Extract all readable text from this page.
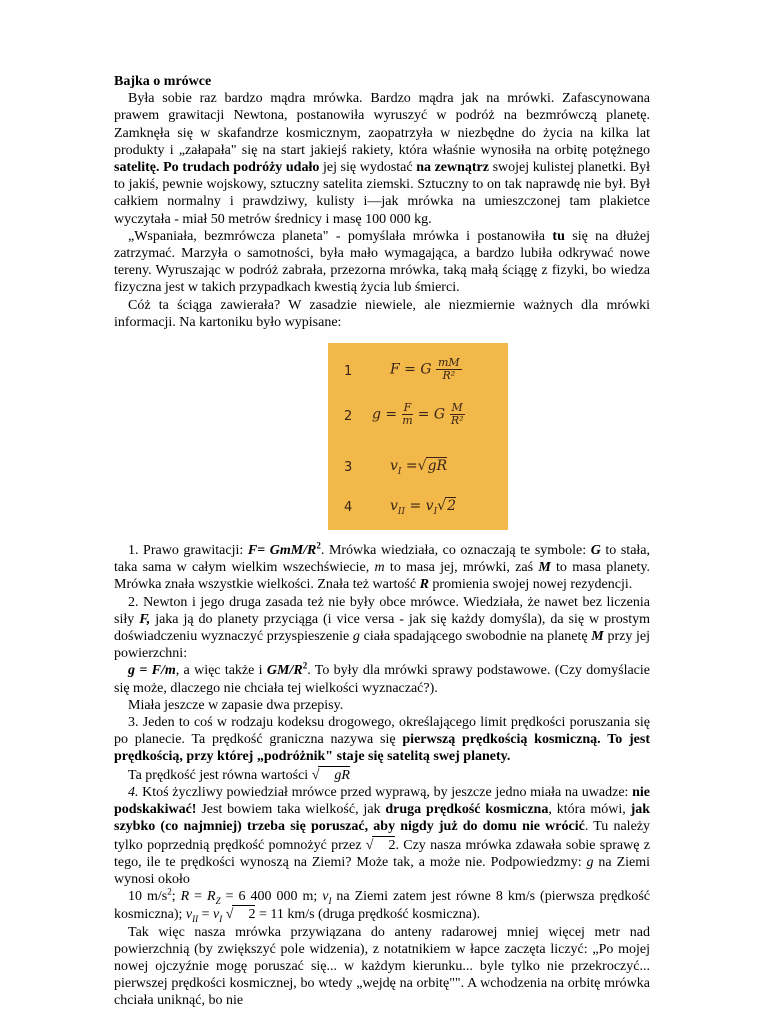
Bajka o mrówce

Była sobie raz bardzo mądra mrówka. Bardzo mądra jak na mrówki. Zafascynowana prawem grawitacji Newtona, postanowiła wyruszyć w podróż na bezmrówczą planetę. Zamknęła się w skafandrze kosmicznym, zaopatrzyła w niezbędne do życia na kilka lat produkty i „załapała" się na start jakiejś rakiety, która właśnie wynosiła na orbitę potężnego satelitę. Po trudach podróży udało jej się wydostać na zewnątrz swojej kulistej planetki. Był to jakiś, pewnie wojskowy, sztuczny satelita ziemski. Sztuczny to on tak naprawdę nie był. Był całkiem normalny i prawdziwy, kulisty i—jak mrówka na umieszczonej tam plakietce wyczytała - miał 50 metrów średnicy i masę 100 000 kg.

„Wspaniała, bezmrówcza planeta" - pomyślała mrówka i postanowiła tu się na dłużej zatrzymać. Marzyła o samotności, była mało wymagająca, a bardzo lubiła odkrywać nowe tereny. Wyruszając w podróż zabrała, przezorna mrówka, taką małą ściągę z fizyki, bo wiedza fizyczna jest w takich przypadkach kwestią życia lub śmierci.

Cóż ta ściąga zawierała? W zasadzie niewiele, ale niezmiernie ważnych dla mrówki informacji. Na kartoniku było wypisane:

1	F = G $\frac{mM}{\text{R²}}$
2 $g = \frac{F}{m} = G \frac{M}{\text{R²}}$
3	$v_I =√gR$
4	$v_{II} = v_I√2$

1. Prawo grawitacji: F= GmM/$R^2$. Mrówka wiedziała, co oznaczają te symbole: G to stała, taka sama w całym wielkim wszechświecie, m to masa jej, mrówki, zaś M to masa planety. Mrówka znała wszystkie wielkości. Znała też wartość R promienia swojej nowej rezydencji.

2. Newton i jego druga zasada też nie były obce mrówce. Wiedziała, że nawet bez liczenia siły F, jaka ją do planety przyciąga (i vice versa - jak się każdy domyśla), da się w prostym doświadczeniu wyznaczyć przyspieszenie g ciała spadającego swobodnie na planetę M przy jej powierzchni:

g = F/m, a więc także i $GM/R^2$. To były dla mrówki sprawy podstawowe. (Czy domyślacie się może, dlaczego nie chciała tej wielkości wyznaczać?).

Miała jeszcze w zapasie dwa przepisy.

3. Jeden to coś w rodzaju kodeksu drogowego, określającego limit prędkości poruszania się po planecie. Ta prędkość graniczna nazywa się pierwszą prędkością kosmiczną. To jest prędkością, przy której „podróżnik" staje się satelitą swej planety.

Ta prędkość jest równa wartości √ gR

4. Ktoś życzliwy powiedział mrówce przed wyprawą, by jeszcze jedno miała na uwadze: nie podskakiwać! Jest bowiem taka wielkość, jak druga prędkość kosmiczna, która mówi, jak szybko (co najmniej) trzeba się poruszać, aby nigdy już do domu nie wrócić. Tu należy tylko poprzednią prędkość pomnożyć przez √ 2. Czy nasza mrówka zdawała sobie sprawę z tego, ile te prędkości wynoszą na Ziemi? Może tak, a może nie. Podpowiedzmy: g na Ziemi wynosi około

10 $m/s^2$; $R = R_Z = 6$ 400 000 m; $v_I$ na Ziemi zatem jest równe 8 km/s (pierwsza prędkość kosmiczna); $v_{II} = v_I$ √ 2 = 11 km/s (druga prędkość kosmiczna).

Tak więc nasza mrówka przywiązana do anteny radarowej mniej więcej metr nad powierzchnią (by zwiększyć pole widzenia), z notatnikiem w łapce zaczęta liczyć: „Po mojej nowej ojczyźnie mogę poruszać się... w każdym kierunku... byle tylko nie przekroczyć... pierwszej prędkości kosmicznej, bo wtedy „wejdę na orbitę"". A wchodzenia na orbitę mrówka chciała uniknąć, bo nie
